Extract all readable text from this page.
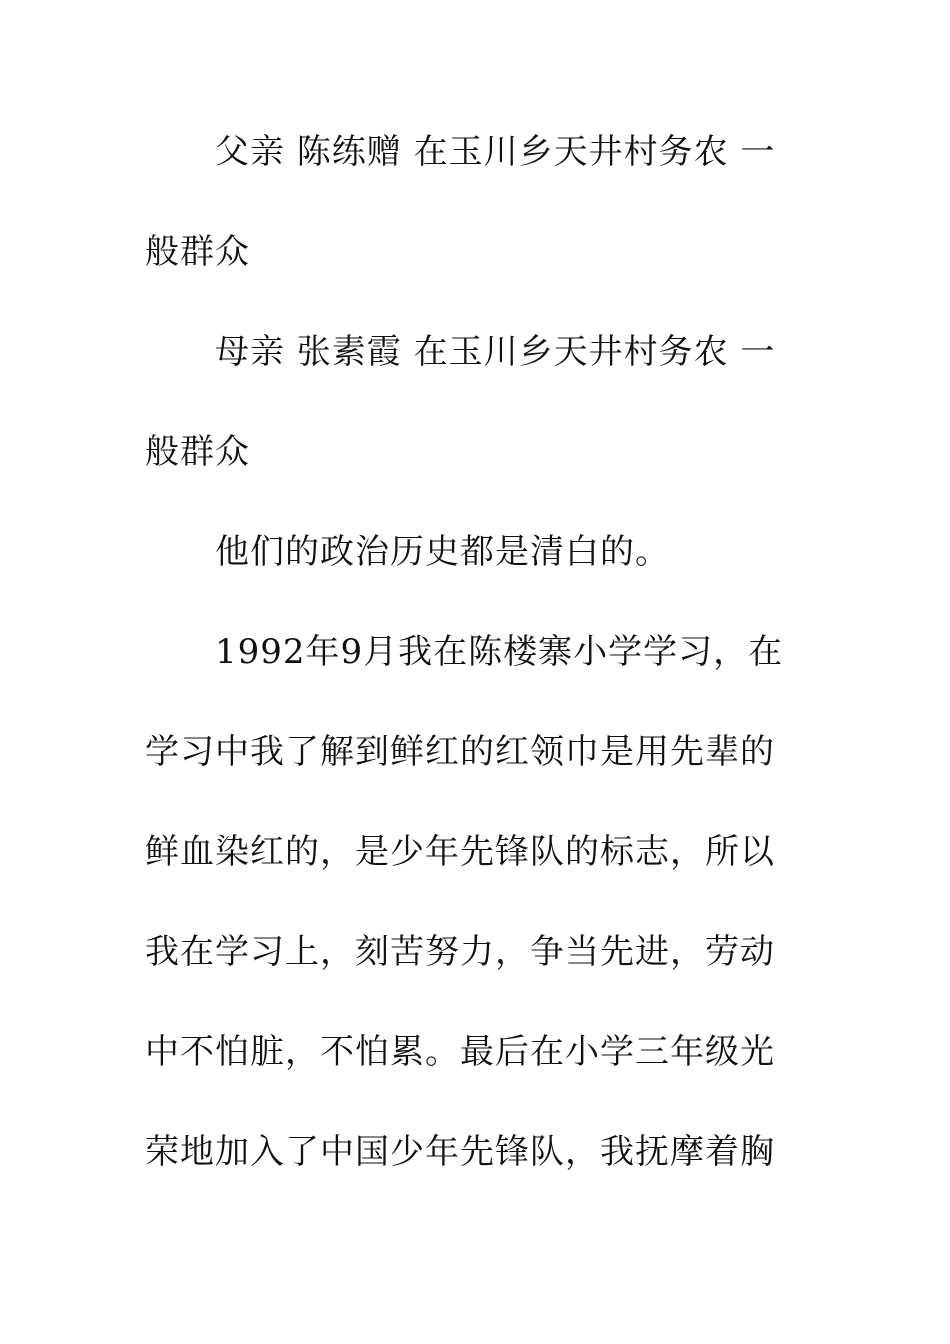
父亲 陈练赠 在玉川乡天井村务农 一
般群众
母亲 张素霞 在玉川乡天井村务农 一
般群众
他们的政治历史都是清白的。
1992年9月我在陈楼寨小学学习，在
学习中我了解到鲜红的红领巾是用先辈的
鲜血染红的，是少年先锋队的标志，所以
我在学习上，刻苦努力，争当先进，劳动
中不怕脏，不怕累。最后在小学三年级光
荣地加入了中国少年先锋队，我抚摩着胸
